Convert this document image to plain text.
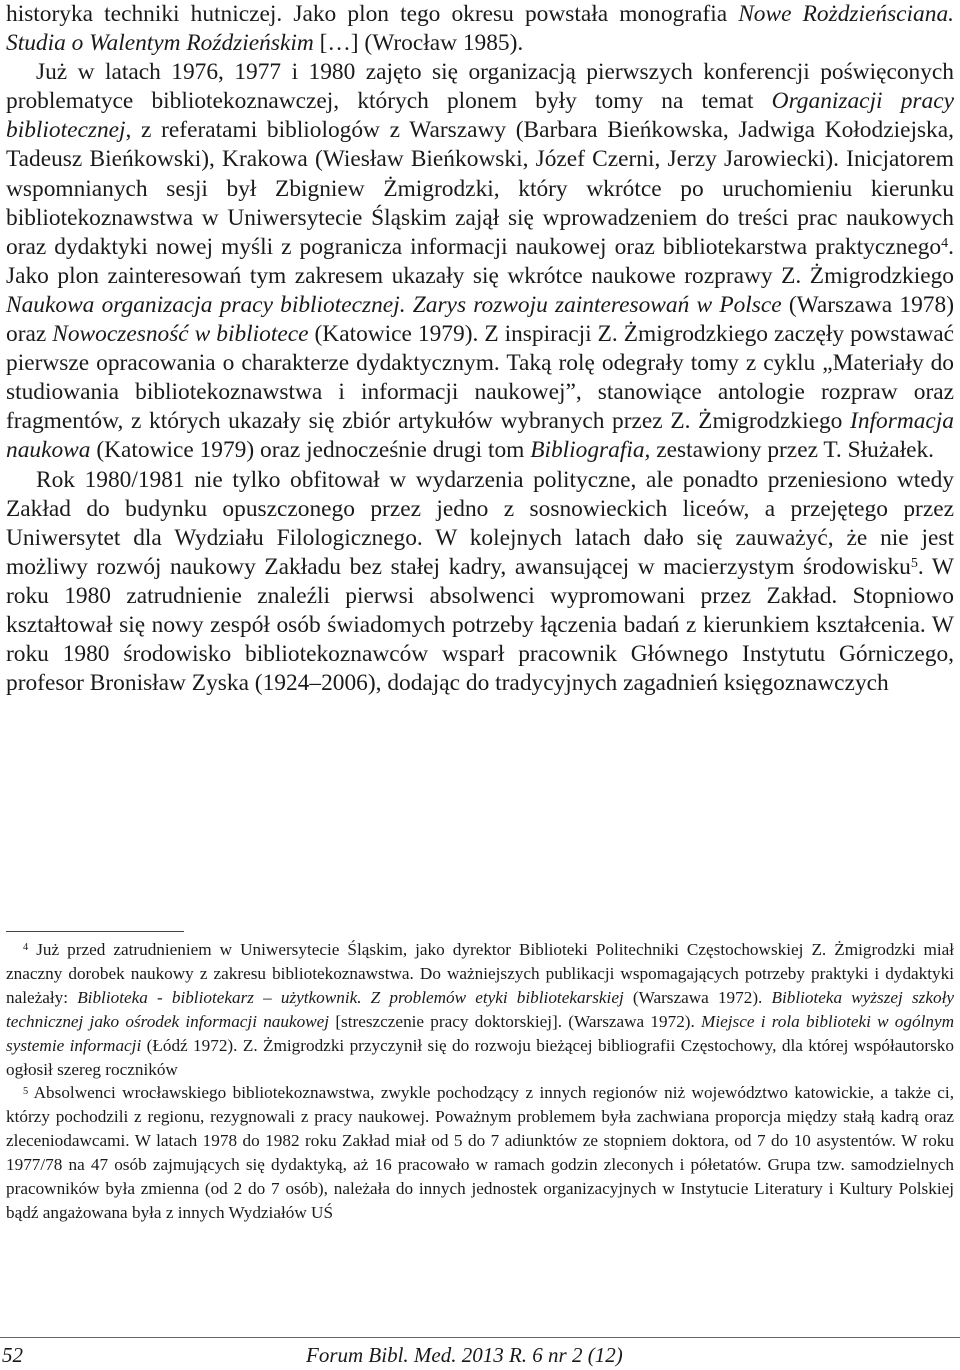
historyka techniki hutniczej. Jako plon tego okresu powstała monografia Nowe Rożdzieńsciana. Studia o Walentym Roździeńskim […] (Wrocław 1985).

Już w latach 1976, 1977 i 1980 zajęto się organizacją pierwszych konferencji poświęconych problematyce bibliotekoznawczej, których plonem były tomy na temat Organizacji pracy bibliotecznej, z referatami bibliologów z Warszawy (Barbara Bieńkowska, Jadwiga Kołodziejska, Tadeusz Bieńkowski), Krakowa (Wiesław Bieńkowski, Józef Czerni, Jerzy Jarowiecki). Inicjatorem wspomnianych sesji był Zbigniew Żmigrodzki, który wkrótce po uruchomieniu kierunku bibliotekoznawstwa w Uniwersytecie Śląskim zajął się wprowadzeniem do treści prac naukowych oraz dydaktyki nowej myśli z pogranicza informacji naukowej oraz bibliotekarstwa praktycznego$^4$. Jako plon zainteresowań tym zakresem ukazały się wkrótce naukowe rozprawy Z. Żmigrodzkiego Naukowa organizacja pracy bibliotecznej. Zarys rozwoju zainteresowań w Polsce (Warszawa 1978) oraz Nowoczesność w bibliotece (Katowice 1979). Z inspiracji Z. Żmigrodzkiego zaczęły powstawać pierwsze opracowania o charakterze dydaktycznym. Taką rolę odegrały tomy z cyklu „Materiały do studiowania bibliotekoznawstwa i informacji naukowej”, stanowiące antologie rozpraw oraz fragmentów, z których ukazały się zbiór artykułów wybranych przez Z. Żmigrodzkiego Informacja naukowa (Katowice 1979) oraz jednocześnie drugi tom Bibliografia, zestawiony przez T. Służałek.

Rok 1980/1981 nie tylko obfitował w wydarzenia polityczne, ale ponadto przeniesiono wtedy Zakład do budynku opuszczonego przez jedno z sosnowieckich liceów, a przejętego przez Uniwersytet dla Wydziału Filologicznego. W kolejnych latach dało się zauważyć, że nie jest możliwy rozwój naukowy Zakładu bez stałej kadry, awansującej w macierzystym środowisku$^5$. W roku 1980 zatrudnienie znaleźli pierwsi absolwenci wypromowani przez Zakład. Stopniowo kształtował się nowy zespół osób świadomych potrzeby łączenia badań z kierunkiem kształcenia. W roku 1980 środowisko bibliotekoznawców wsparł pracownik Głównego Instytutu Górniczego, profesor Bronisław Zyska (1924–2006), dodając do tradycyjnych zagadnień księgoznawczych

$^4$ Już przed zatrudnieniem w Uniwersytecie Śląskim, jako dyrektor Biblioteki Politechniki Częstochowskiej Z. Żmigrodzki miał znaczny dorobek naukowy z zakresu bibliotekoznawstwa. Do ważniejszych publikacji wspomagających potrzeby praktyki i dydaktyki należały: Biblioteka - bibliotekarz – użytkownik. Z problemów etyki bibliotekarskiej (Warszawa 1972). Biblioteka wyższej szkoły technicznej jako ośrodek informacji naukowej [streszczenie pracy doktorskiej]. (Warszawa 1972). Miejsce i rola biblioteki w ogólnym systemie informacji (Łódź 1972). Z. Żmigrodzki przyczynił się do rozwoju bieżącej bibliografii Częstochowy, dla której współautorsko ogłosił szereg roczników

$^5$ Absolwenci wrocławskiego bibliotekoznawstwa, zwykle pochodzący z innych regionów niż województwo katowickie, a także ci, którzy pochodzili z regionu, rezygnowali z pracy naukowej. Poważnym problemem była zachwiana proporcja między stałą kadrą oraz zleceniodawcami. W latach 1978 do 1982 roku Zakład miał od 5 do 7 adiunktów ze stopniem doktora, od 7 do 10 asystentów. W roku 1977/78 na 47 osób zajmujących się dydaktyką, aż 16 pracowało w ramach godzin zleconych i półetatów. Grupa tzw. samodzielnych pracowników była zmienna (od 2 do 7 osób), należała do innych jednostek organizacyjnych w Instytucie Literatury i Kultury Polskiej bądź angażowana była z innych Wydziałów UŚ

52	Forum Bibl. Med. 2013 R. 6 nr 2 (12)
